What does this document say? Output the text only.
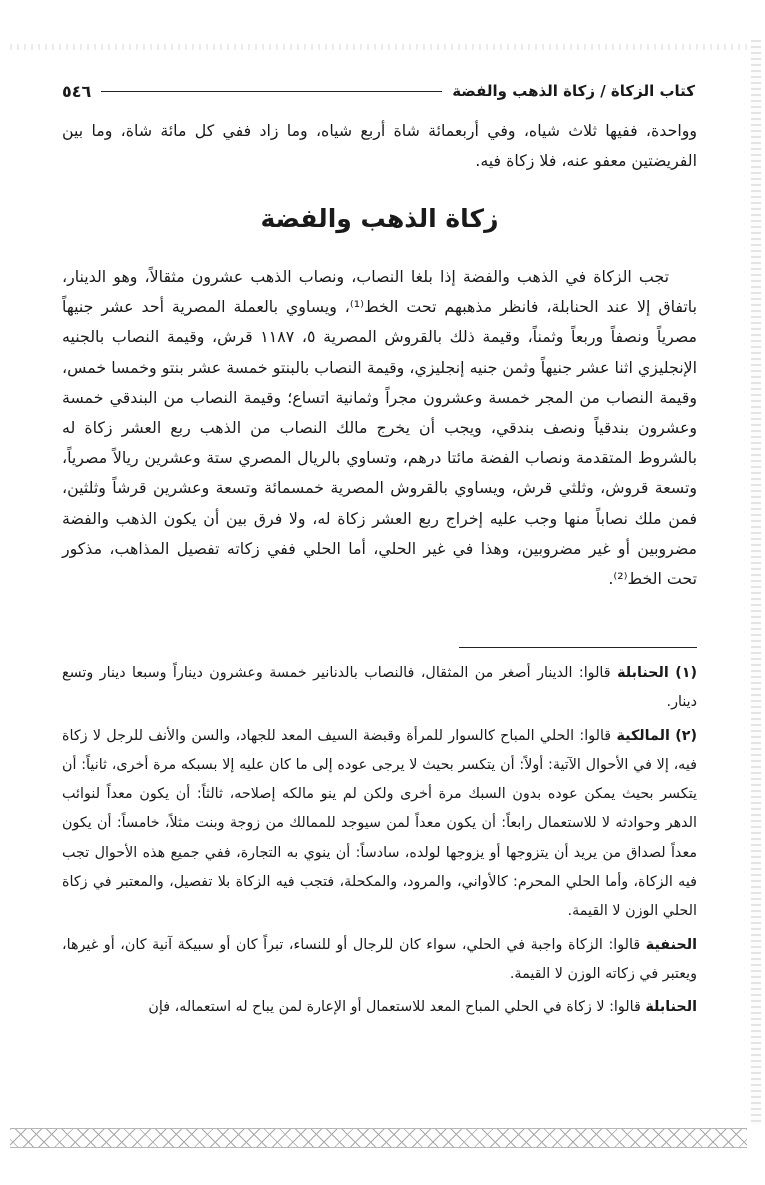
كتاب الزكاة / زكاة الذهب والفضة
٥٤٦

وواحدة، ففيها ثلاث شياه، وفي أربعمائة شاة أربع شياه، وما زاد ففي كل مائة شاة، وما بين الفريضتين معفو عنه، فلا زكاة فيه.

زكاة الذهب والفضة

تجب الزكاة في الذهب والفضة إذا بلغا النصاب، ونصاب الذهب عشرون مثقالاً، وهو الدينار، باتفاق إلا عند الحنابلة، فانظر مذهبهم تحت الخط⁽¹⁾، ويساوي بالعملة المصرية أحد عشر جنيهاً مصرياً ونصفاً وربعاً وثمناً، وقيمة ذلك بالقروش المصرية ٥، ١١٨٧ قرش، وقيمة النصاب بالجنيه الإنجليزي اثنا عشر جنيهاً وثمن جنيه إنجليزي، وقيمة النصاب بالبنتو خمسة عشر بنتو وخمسا خمس، وقيمة النصاب من المجر خمسة وعشرون مجراً وثمانية اتساع؛ وقيمة النصاب من البندقي خمسة وعشرون بندقياً ونصف بندقي، ويجب أن يخرج مالك النصاب من الذهب ربع العشر زكاة له بالشروط المتقدمة ونصاب الفضة مائتا درهم، وتساوي بالريال المصري ستة وعشرين ريالاً مصرياً، وتسعة قروش، وثلثي قرش، ويساوي بالقروش المصرية خمسمائة وتسعة وعشرين قرشاً وثلثين، فمن ملك نصاباً منها وجب عليه إخراج ربع العشر زكاة له، ولا فرق بين أن يكون الذهب والفضة مضروبين أو غير مضروبين، وهذا في غير الحلي، أما الحلي ففي زكاته تفصيل المذاهب، مذكور تحت الخط⁽²⁾.

(١) الحنابلة قالوا: الدينار أصغر من المثقال، فالنصاب بالدنانير خمسة وعشرون ديناراً وسبعا دينار وتسع دينار.

(٢) المالكية قالوا: الحلي المباح كالسوار للمرأة وقبضة السيف المعد للجهاد، والسن والأنف للرجل لا زكاة فيه، إلا في الأحوال الآتية: أولاً: أن يتكسر بحيث لا يرجى عوده إلى ما كان عليه إلا بسبكه مرة أخرى، ثانياً: أن يتكسر بحيث يمكن عوده بدون السبك مرة أخرى ولكن لم ينو مالكه إصلاحه، ثالثاً: أن يكون معداً لنوائب الدهر وحوادثه لا للاستعمال رابعاً: أن يكون معداً لمن سيوجد للممالك من زوجة وبنت مثلاً، خامساً: أن يكون معداً لصداق من يريد أن يتزوجها أو يزوجها لولده، سادساً: أن ينوي به التجارة، ففي جميع هذه الأحوال تجب فيه الزكاة، وأما الحلي المحرم: كالأواني، والمرود، والمكحلة، فتجب فيه الزكاة بلا تفصيل، والمعتبر في زكاة الحلي الوزن لا القيمة.

الحنفية قالوا: الزكاة واجبة في الحلي، سواء كان للرجال أو للنساء، تبراً كان أو سبيكة آنية كان، أو غيرها، ويعتبر في زكاته الوزن لا القيمة.

الحنابلة قالوا: لا زكاة في الحلي المباح المعد للاستعمال أو الإعارة لمن يباح له استعماله، فإن
